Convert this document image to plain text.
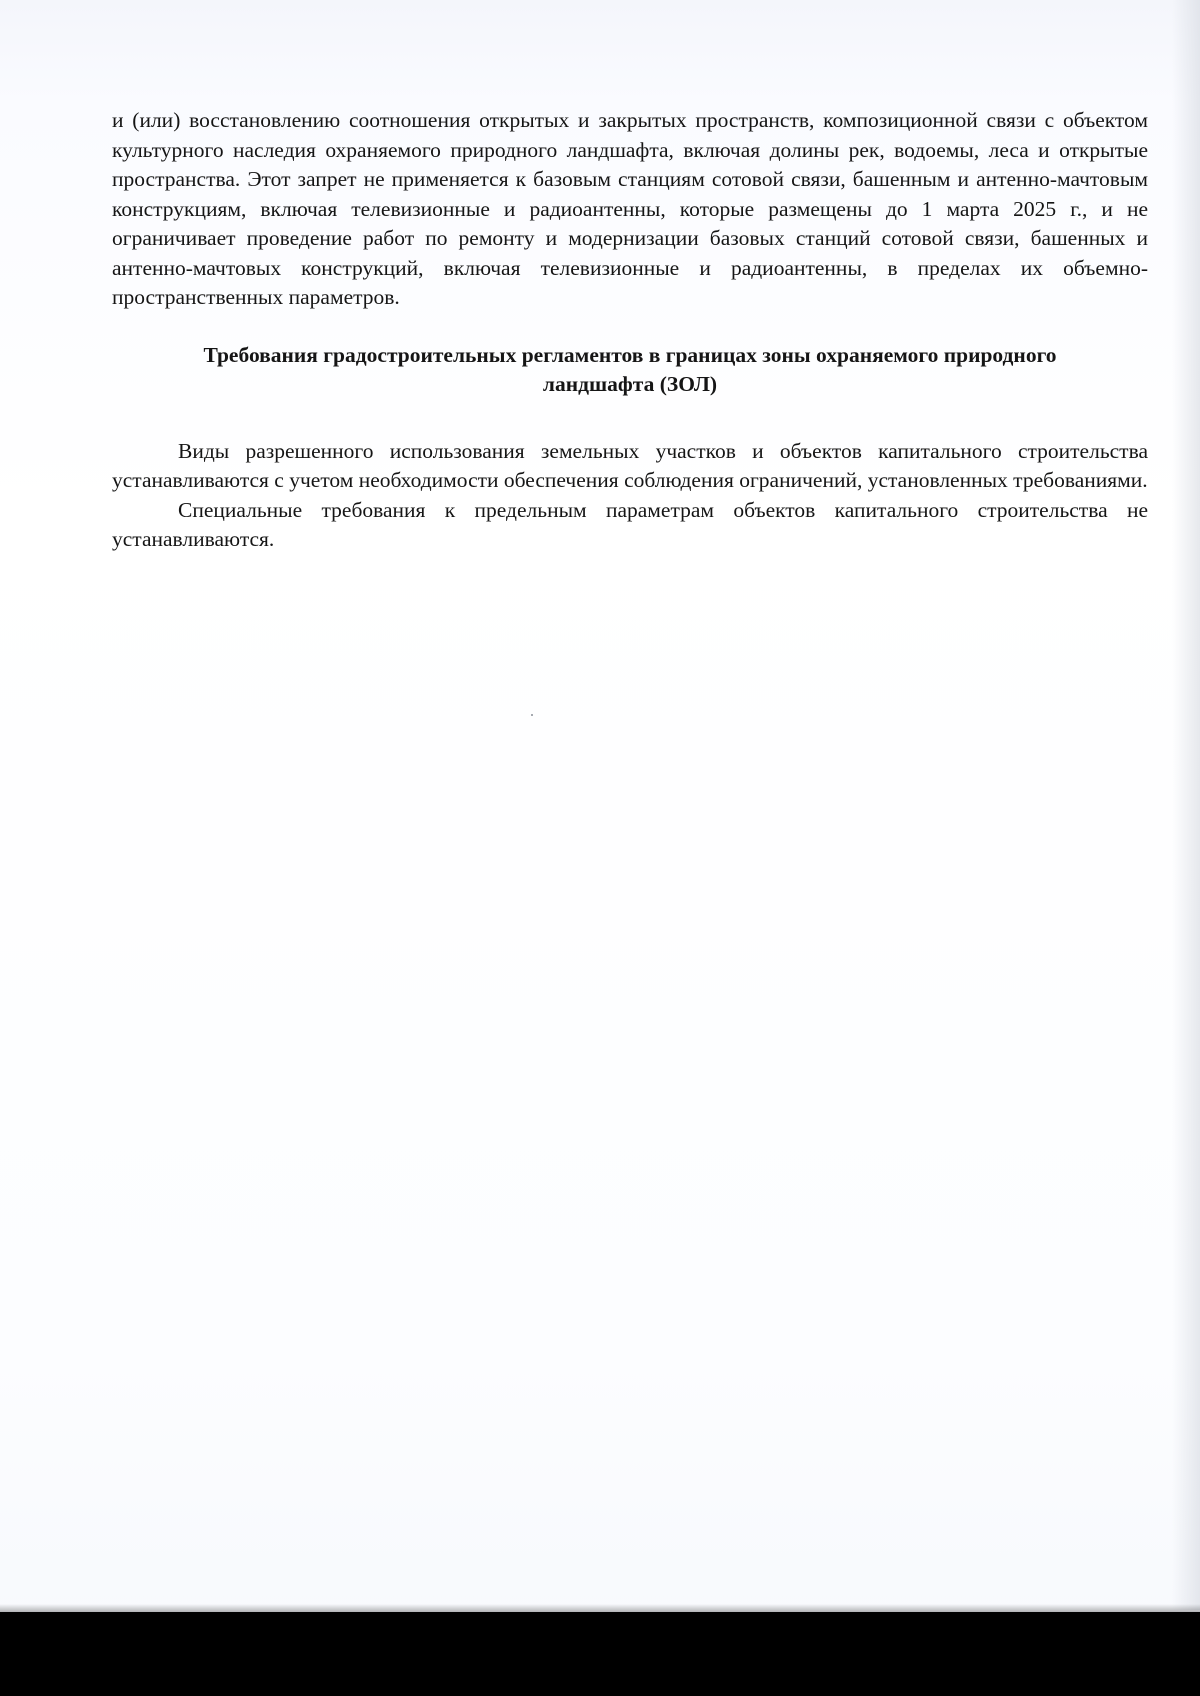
и (или) восстановлению соотношения открытых и закрытых пространств, композиционной связи с объектом культурного наследия охраняемого природного ландшафта, включая долины рек, водоемы, леса и открытые пространства. Этот запрет не применяется к базовым станциям сотовой связи, башенным и антенно-мачтовым конструкциям, включая телевизионные и радиоантенны, которые размещены до 1 марта 2025 г., и не ограничивает проведение работ по ремонту и модернизации базовых станций сотовой связи, башенных и антенно-мачтовых конструкций, включая телевизионные и радиоантенны, в пределах их объемно-пространственных параметров.

Требования градостроительных регламентов в границах зоны охраняемого природного ландшафта (ЗОЛ)

Виды разрешенного использования земельных участков и объектов капитального строительства устанавливаются с учетом необходимости обеспечения соблюдения ограничений, установленных требованиями.

Специальные требования к предельным параметрам объектов капитального строительства не устанавливаются.
